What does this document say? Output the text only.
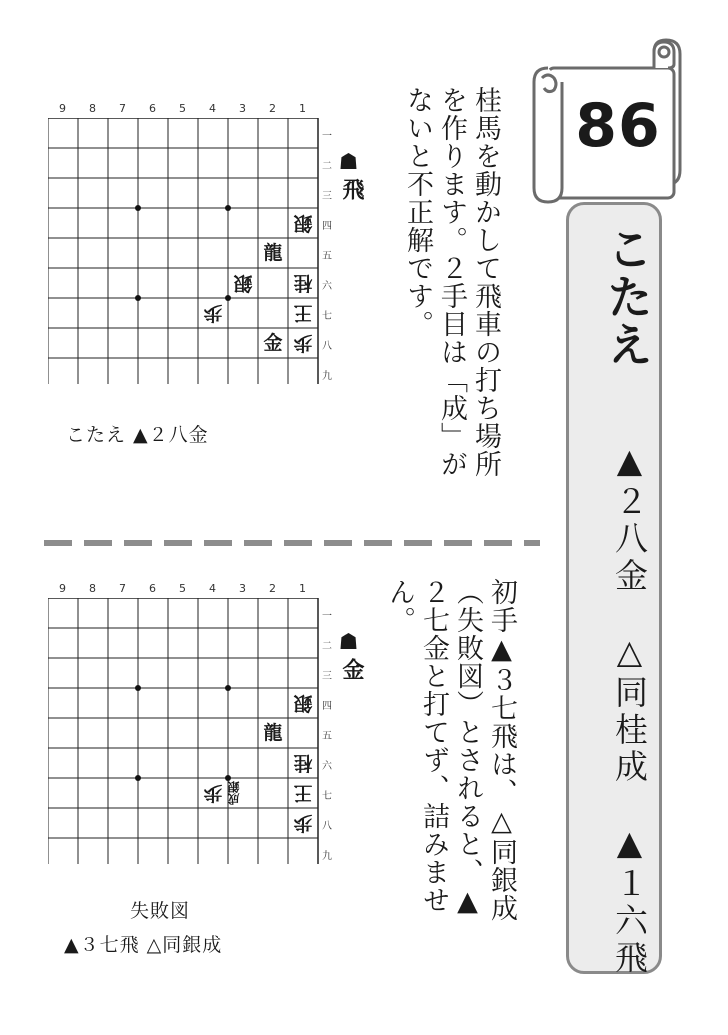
86
こたえ
▲２八金　△同桂成　▲１六飛
桂馬を動かして飛車の打ち場所
を作ります。２手目は「成」が
ないと不正解です。
初手▲３七飛は、△同銀成
（失敗図）とされると、▲
２七金と打てず、詰みませ
ん。
9 8 7 6 5 4 3 2 1
一
二
三
四
五
六
七
八
九
銀
龍
銀 桂
歩	王
金 歩
☗
飛
こたえ ▲２八金
9 8 7 6 5 4 3 2 1
一
二
三
四
五
六
七
八
九
銀
龍
桂
歩 成銀	王
歩
☗
金
失敗図
▲３七飛 △同銀成
